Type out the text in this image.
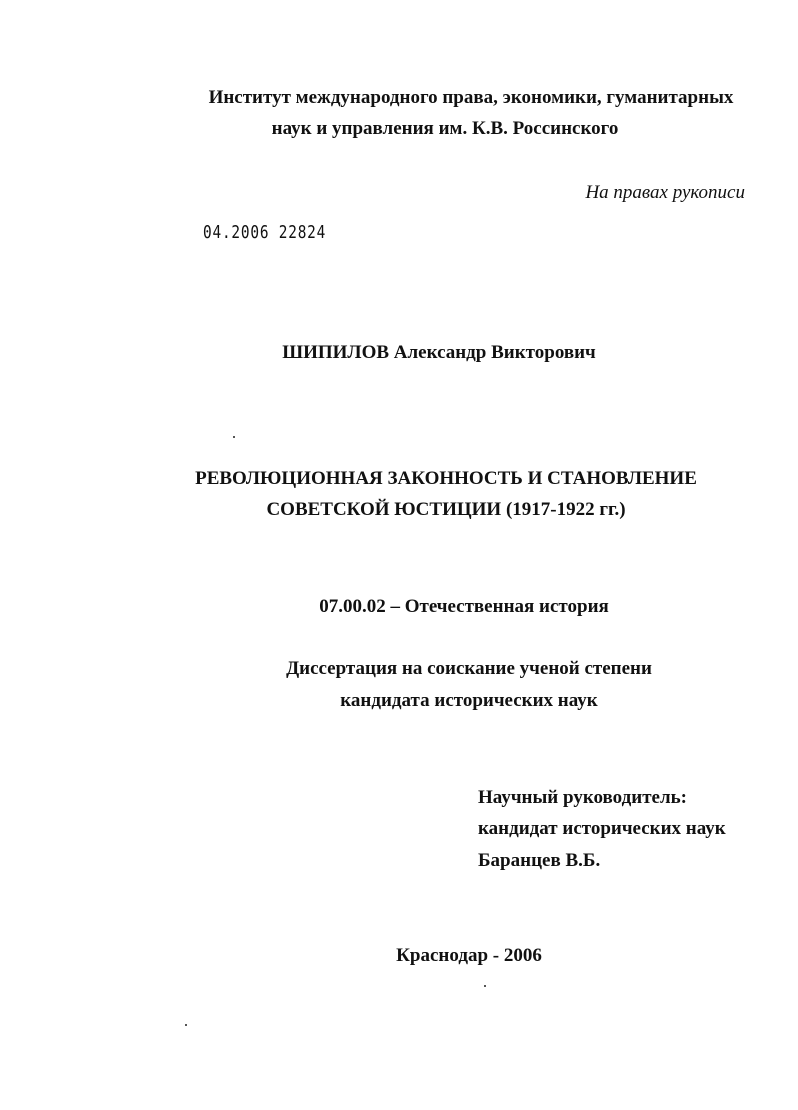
Институт международного права, экономики, гуманитарных
наук и управления им. К.В. Россинского
На правах рукописи
04.2006 22824
ШИПИЛОВ Александр Викторович
РЕВОЛЮЦИОННАЯ ЗАКОННОСТЬ И СТАНОВЛЕНИЕ
СОВЕТСКОЙ ЮСТИЦИИ (1917-1922 гг.)
07.00.02 – Отечественная история
Диссертация на соискание ученой степени
кандидата исторических наук
Научный руководитель:
кандидат исторических наук
Баранцев В.Б.
Краснодар - 2006
